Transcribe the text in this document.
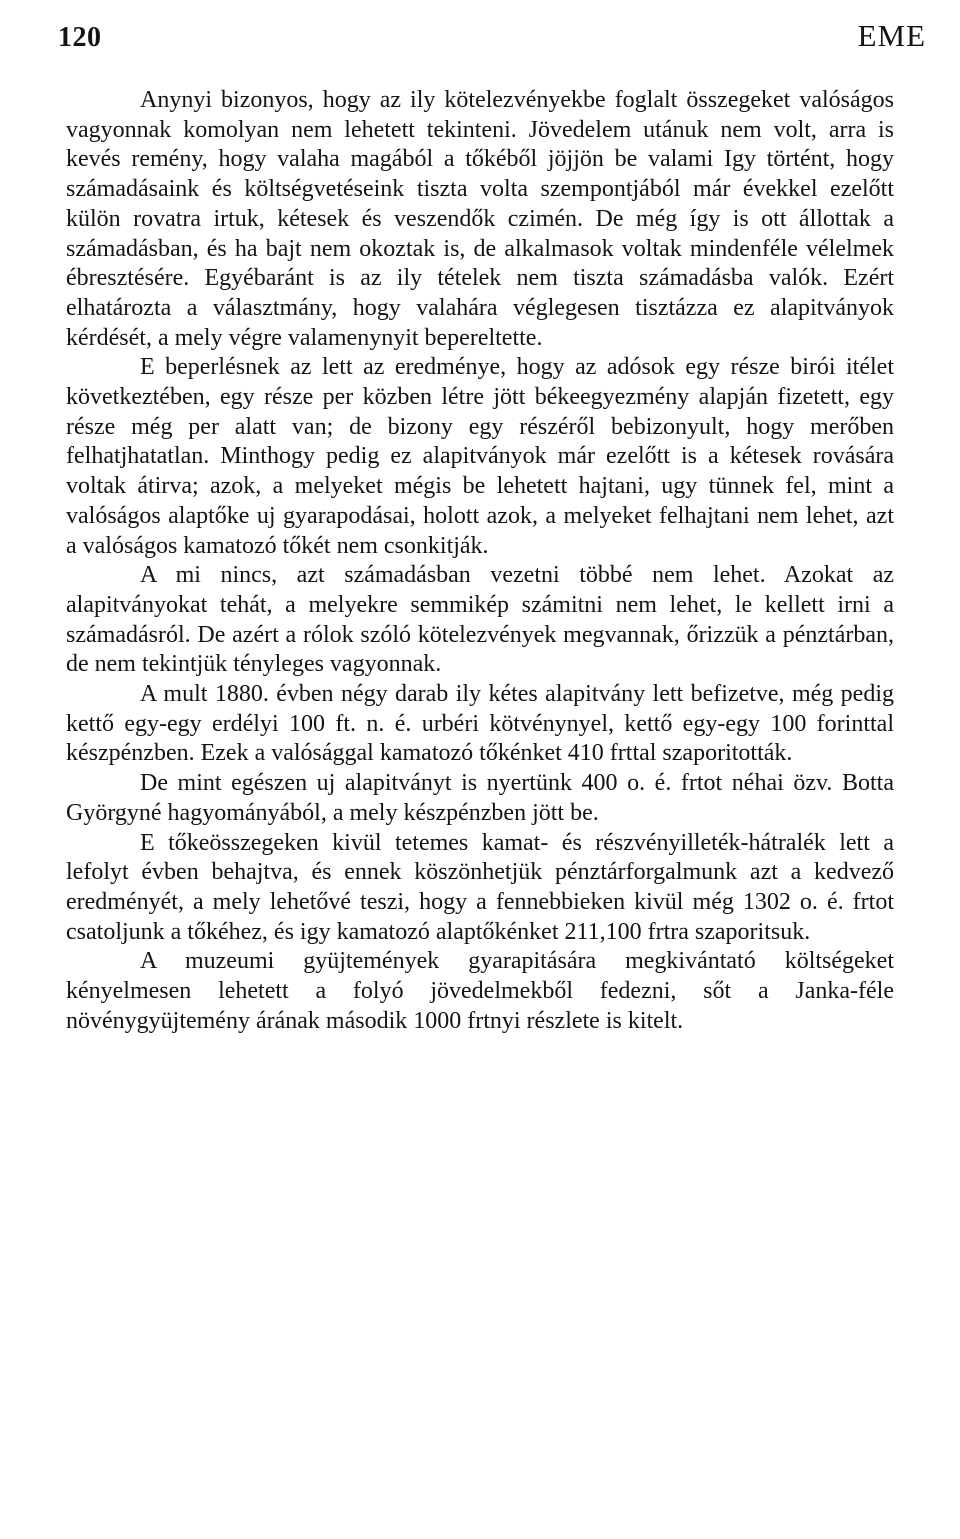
120	EME

Anynyi bizonyos, hogy az ily kötelezvényekbe foglalt összegeket valóságos vagyonnak komolyan nem lehetett tekinteni. Jövedelem utánuk nem volt, arra is kevés remény, hogy valaha magából a tőkéből jöjjön be valami Igy történt, hogy számadásaink és költségvetéseink tiszta volta szempontjából már évekkel ezelőtt külön rovatra irtuk, kétesek és veszendők czimén. De még így is ott állottak a számadásban, és ha bajt nem okoztak is, de alkalmasok voltak mindenféle vélelmek ébresztésére. Egyébaránt is az ily tételek nem tiszta számadásba valók. Ezért elhatározta a választmány, hogy valahára véglegesen tisztázza ez alapitványok kérdését, a mely végre valamenynyit bepereltette.

E beperlésnek az lett az eredménye, hogy az adósok egy része birói itélet következtében, egy része per közben létre jött békeegyezmény alapján fizetett, egy része még per alatt van; de bizony egy részéről bebizonyult, hogy merőben felhatjhatatlan. Minthogy pedig ez alapitványok már ezelőtt is a kétesek rovására voltak átirva; azok, a melyeket mégis be lehetett hajtani, ugy tünnek fel, mint a valóságos alaptőke uj gyarapodásai, holott azok, a melyeket felhajtani nem lehet, azt a valóságos kamatozó tőkét nem csonkitják.

A mi nincs, azt számadásban vezetni többé nem lehet. Azokat az alapitványokat tehát, a melyekre semmikép számitni nem lehet, le kellett irni a számadásról. De azért a rólok szóló kötelezvények megvannak, őrizzük a pénztárban, de nem tekintjük tényleges vagyonnak.

A mult 1880. évben négy darab ily kétes alapitvány lett befizetve, még pedig kettő egy-egy erdélyi 100 ft. n. é. urbéri kötvénynyel, kettő egy-egy 100 forinttal készpénzben. Ezek a valósággal kamatozó tőkénket 410 frttal szaporitották.

De mint egészen uj alapitványt is nyertünk 400 o. é. frtot néhai özv. Botta Györgyné hagyományából, a mely készpénzben jött be.

E tőkeösszegeken kivül tetemes kamat- és részvényilleték-hátralék lett a lefolyt évben behajtva, és ennek köszönhetjük pénztárforgalmunk azt a kedvező eredményét, a mely lehetővé teszi, hogy a fennebbieken kivül még 1302 o. é. frtot csatoljunk a tőkéhez, és igy kamatozó alaptőkénket 211,100 frtra szaporitsuk.

A muzeumi gyüjtemények gyarapitására megkivántató költségeket kényelmesen lehetett a folyó jövedelmekből fedezni, sőt a Janka-féle növénygyüjtemény árának második 1000 frtnyi részlete is kitelt.
